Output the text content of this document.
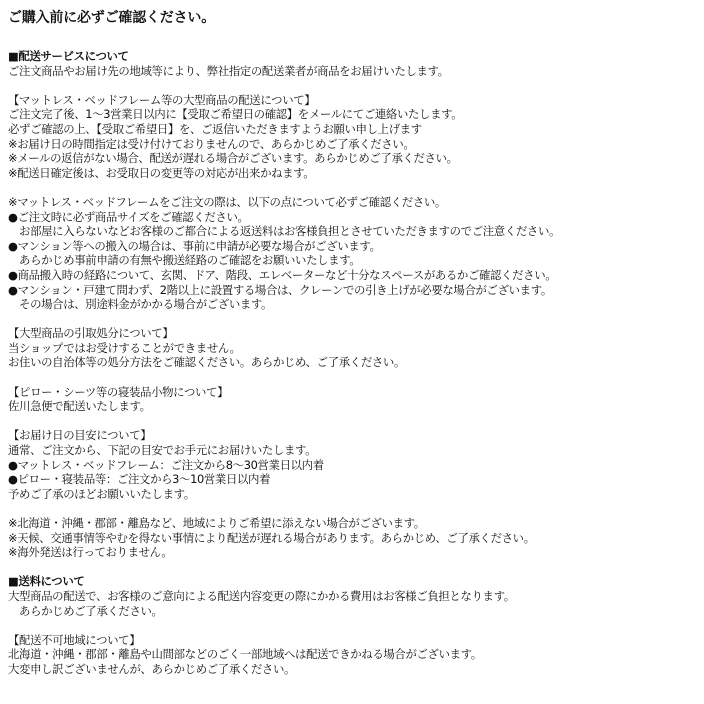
ご購入前に必ずご確認ください。
■配送サービスについて
ご注文商品やお届け先の地域等により、弊社指定の配送業者が商品をお届けいたします。
【マットレス・ベッドフレーム等の大型商品の配送について】
ご注文完了後、1〜3営業日以内に【受取ご希望日の確認】をメールにてご連絡いたします。
必ずご確認の上、【受取ご希望日】を、ご返信いただきますようお願い申し上げます
※お届け日の時間指定は受け付けておりませんので、あらかじめご了承ください。
※メールの返信がない場合、配送が遅れる場合がございます。あらかじめご了承ください。
※配送日確定後は、お受取日の変更等の対応が出来かねます。
※マットレス・ベッドフレームをご注文の際は、以下の点について必ずご確認ください。
●ご注文時に必ず商品サイズをご確認ください。
　お部屋に入らないなどお客様のご都合による返送料はお客様負担とさせていただきますのでご注意ください。
●マンション等への搬入の場合は、事前に申請が必要な場合がございます。
　あらかじめ事前申請の有無や搬送経路のご確認をお願いいたします。
●商品搬入時の経路について、玄関、ドア、階段、エレベーターなど十分なスペースがあるかご確認ください。
●マンション・戸建て問わず、2階以上に設置する場合は、クレーンでの引き上げが必要な場合がございます。
　その場合は、別途料金がかかる場合がございます。
【大型商品の引取処分について】
当ショップではお受けすることができません。
お住いの自治体等の処分方法をご確認ください。あらかじめ、ご了承ください。
【ピロー・シーツ等の寝装品小物について】
佐川急便で配送いたします。
【お届け日の目安について】
通常、ご注文から、下記の目安でお手元にお届けいたします。
●マットレス・ベッドフレーム：ご注文から8〜30営業日以内着
●ピロー・寝装品等：ご注文から3〜10営業日以内着
予めご了承のほどお願いいたします。
※北海道・沖縄・郡部・離島など、地域によりご希望に添えない場合がございます。
※天候、交通事情等やむを得ない事情により配送が遅れる場合があります。あらかじめ、ご了承ください。
※海外発送は行っておりません。
■送料について
大型商品の配送で、お客様のご意向による配送内容変更の際にかかる費用はお客様ご負担となります。
　あらかじめご了承ください。
【配送不可地域について】
北海道・沖縄・郡部・離島や山間部などのごく一部地域へは配送できかねる場合がございます。
大変申し訳ございませんが、あらかじめご了承ください。
